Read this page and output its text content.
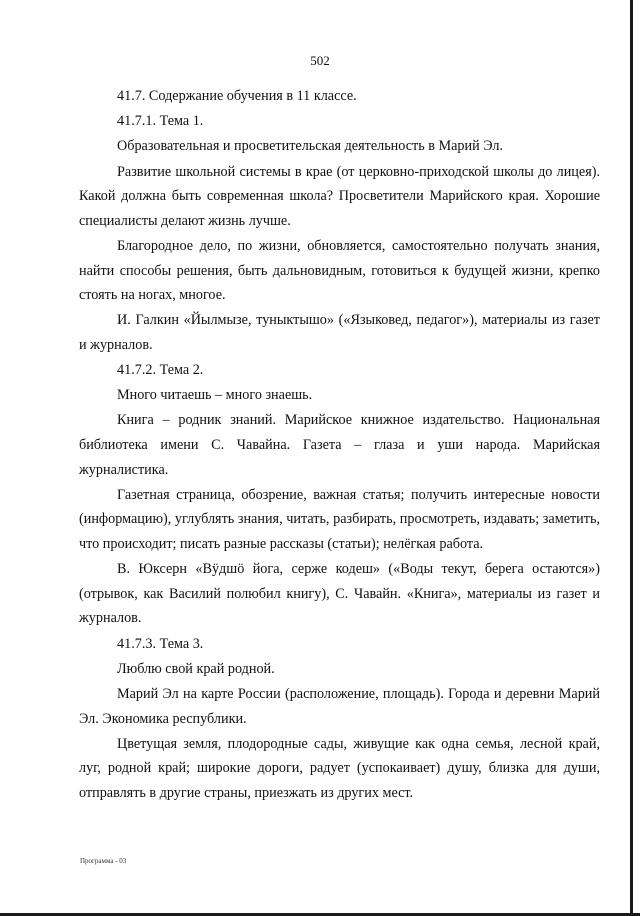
502

41.7. Содержание обучения в 11 классе.

41.7.1. Тема 1.

Образовательная и просветительская деятельность в Марий Эл.

Развитие школьной системы в крае (от церковно-приходской школы до лицея). Какой должна быть современная школа? Просветители Марийского края. Хорошие специалисты делают жизнь лучше.

Благородное дело, по жизни, обновляется, самостоятельно получать знания, найти способы решения, быть дальновидным, готовиться к будущей жизни, крепко стоять на ногах, многое.

И. Галкин «Йылмызе, туныктышо» («Языковед, педагог»), материалы из газет и журналов.

41.7.2. Тема 2.

Много читаешь – много знаешь.

Книга – родник знаний. Марийское книжное издательство. Национальная библиотека имени С. Чавайна. Газета – глаза и уши народа. Марийская журналистика.

Газетная страница, обозрение, важная статья; получить интересные новости (информацию), углублять знания, читать, разбирать, просмотреть, издавать; заметить, что происходит; писать разные рассказы (статьи); нелёгкая работа.

В. Юксерн «Вӱдшӧ йога, серже кодеш» («Воды текут, берега остаются») (отрывок, как Василий полюбил книгу), С. Чавайн. «Книга», материалы из газет и журналов.

41.7.3. Тема 3.

Люблю свой край родной.

Марий Эл на карте России (расположение, площадь). Города и деревни Марий Эл. Экономика республики.

Цветущая земля, плодородные сады, живущие как одна семья, лесной край, луг, родной край; широкие дороги, радует (успокаивает) душу, близка для души, отправлять в другие страны, приезжать из других мест.

Программа - 03
